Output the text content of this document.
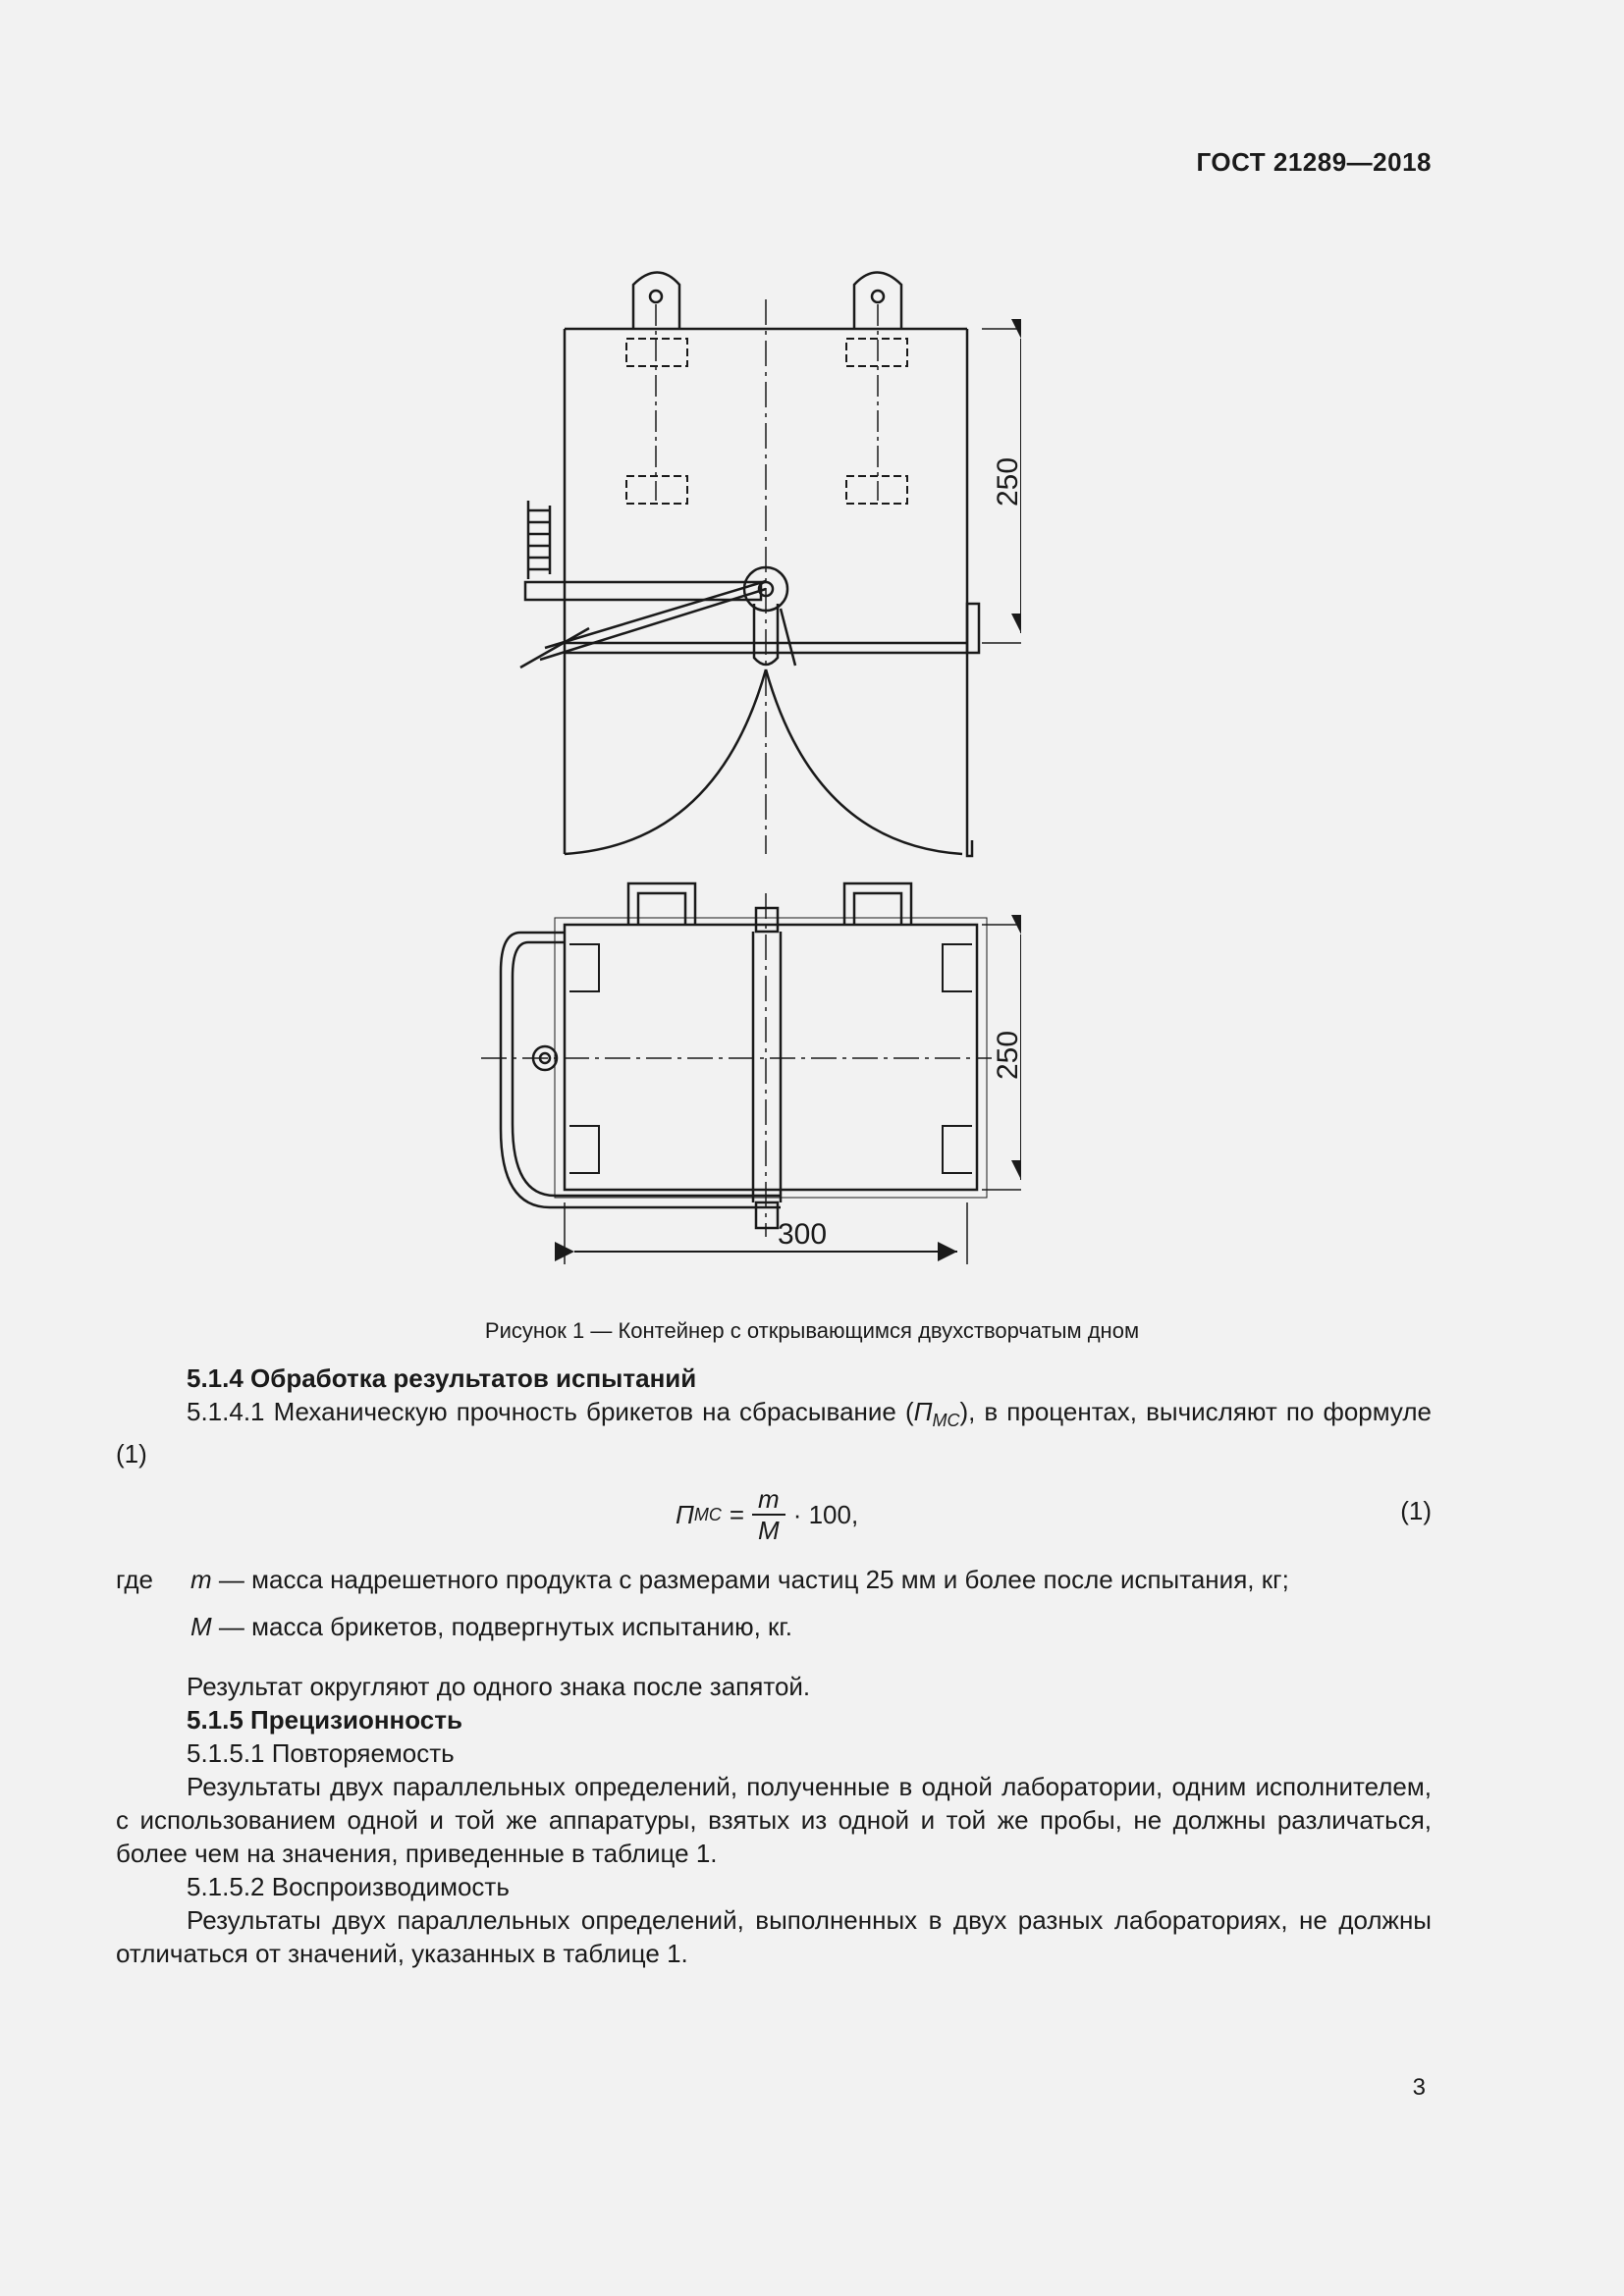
ГОСТ 21289—2018
250
250
300
Рисунок 1 — Контейнер с открывающимся двухстворчатым дном

5.1.4 Обработка результатов испытаний

5.1.4.1 Механическую прочность брикетов на сбрасывание $(П_{МС})$, в процентах, вычисляют по формуле (1)

П МС = $\frac{m}{M} \cdot 100$,	(1)
где	m — масса надрешетного продукта с размерами частиц 25 мм и более после испытания, кг;
M — масса брикетов, подвергнутых испытанию, кг.

Результат округляют до одного знака после запятой.

5.1.5 Прецизионность

5.1.5.1 Повторяемость

Результаты двух параллельных определений, полученные в одной лаборатории, одним исполнителем, с использованием одной и той же аппаратуры, взятых из одной и той же пробы, не должны различаться, более чем на значения, приведенные в таблице 1.

5.1.5.2 Воспроизводимость

Результаты двух параллельных определений, выполненных в двух разных лабораториях, не должны отличаться от значений, указанных в таблице 1.

3
